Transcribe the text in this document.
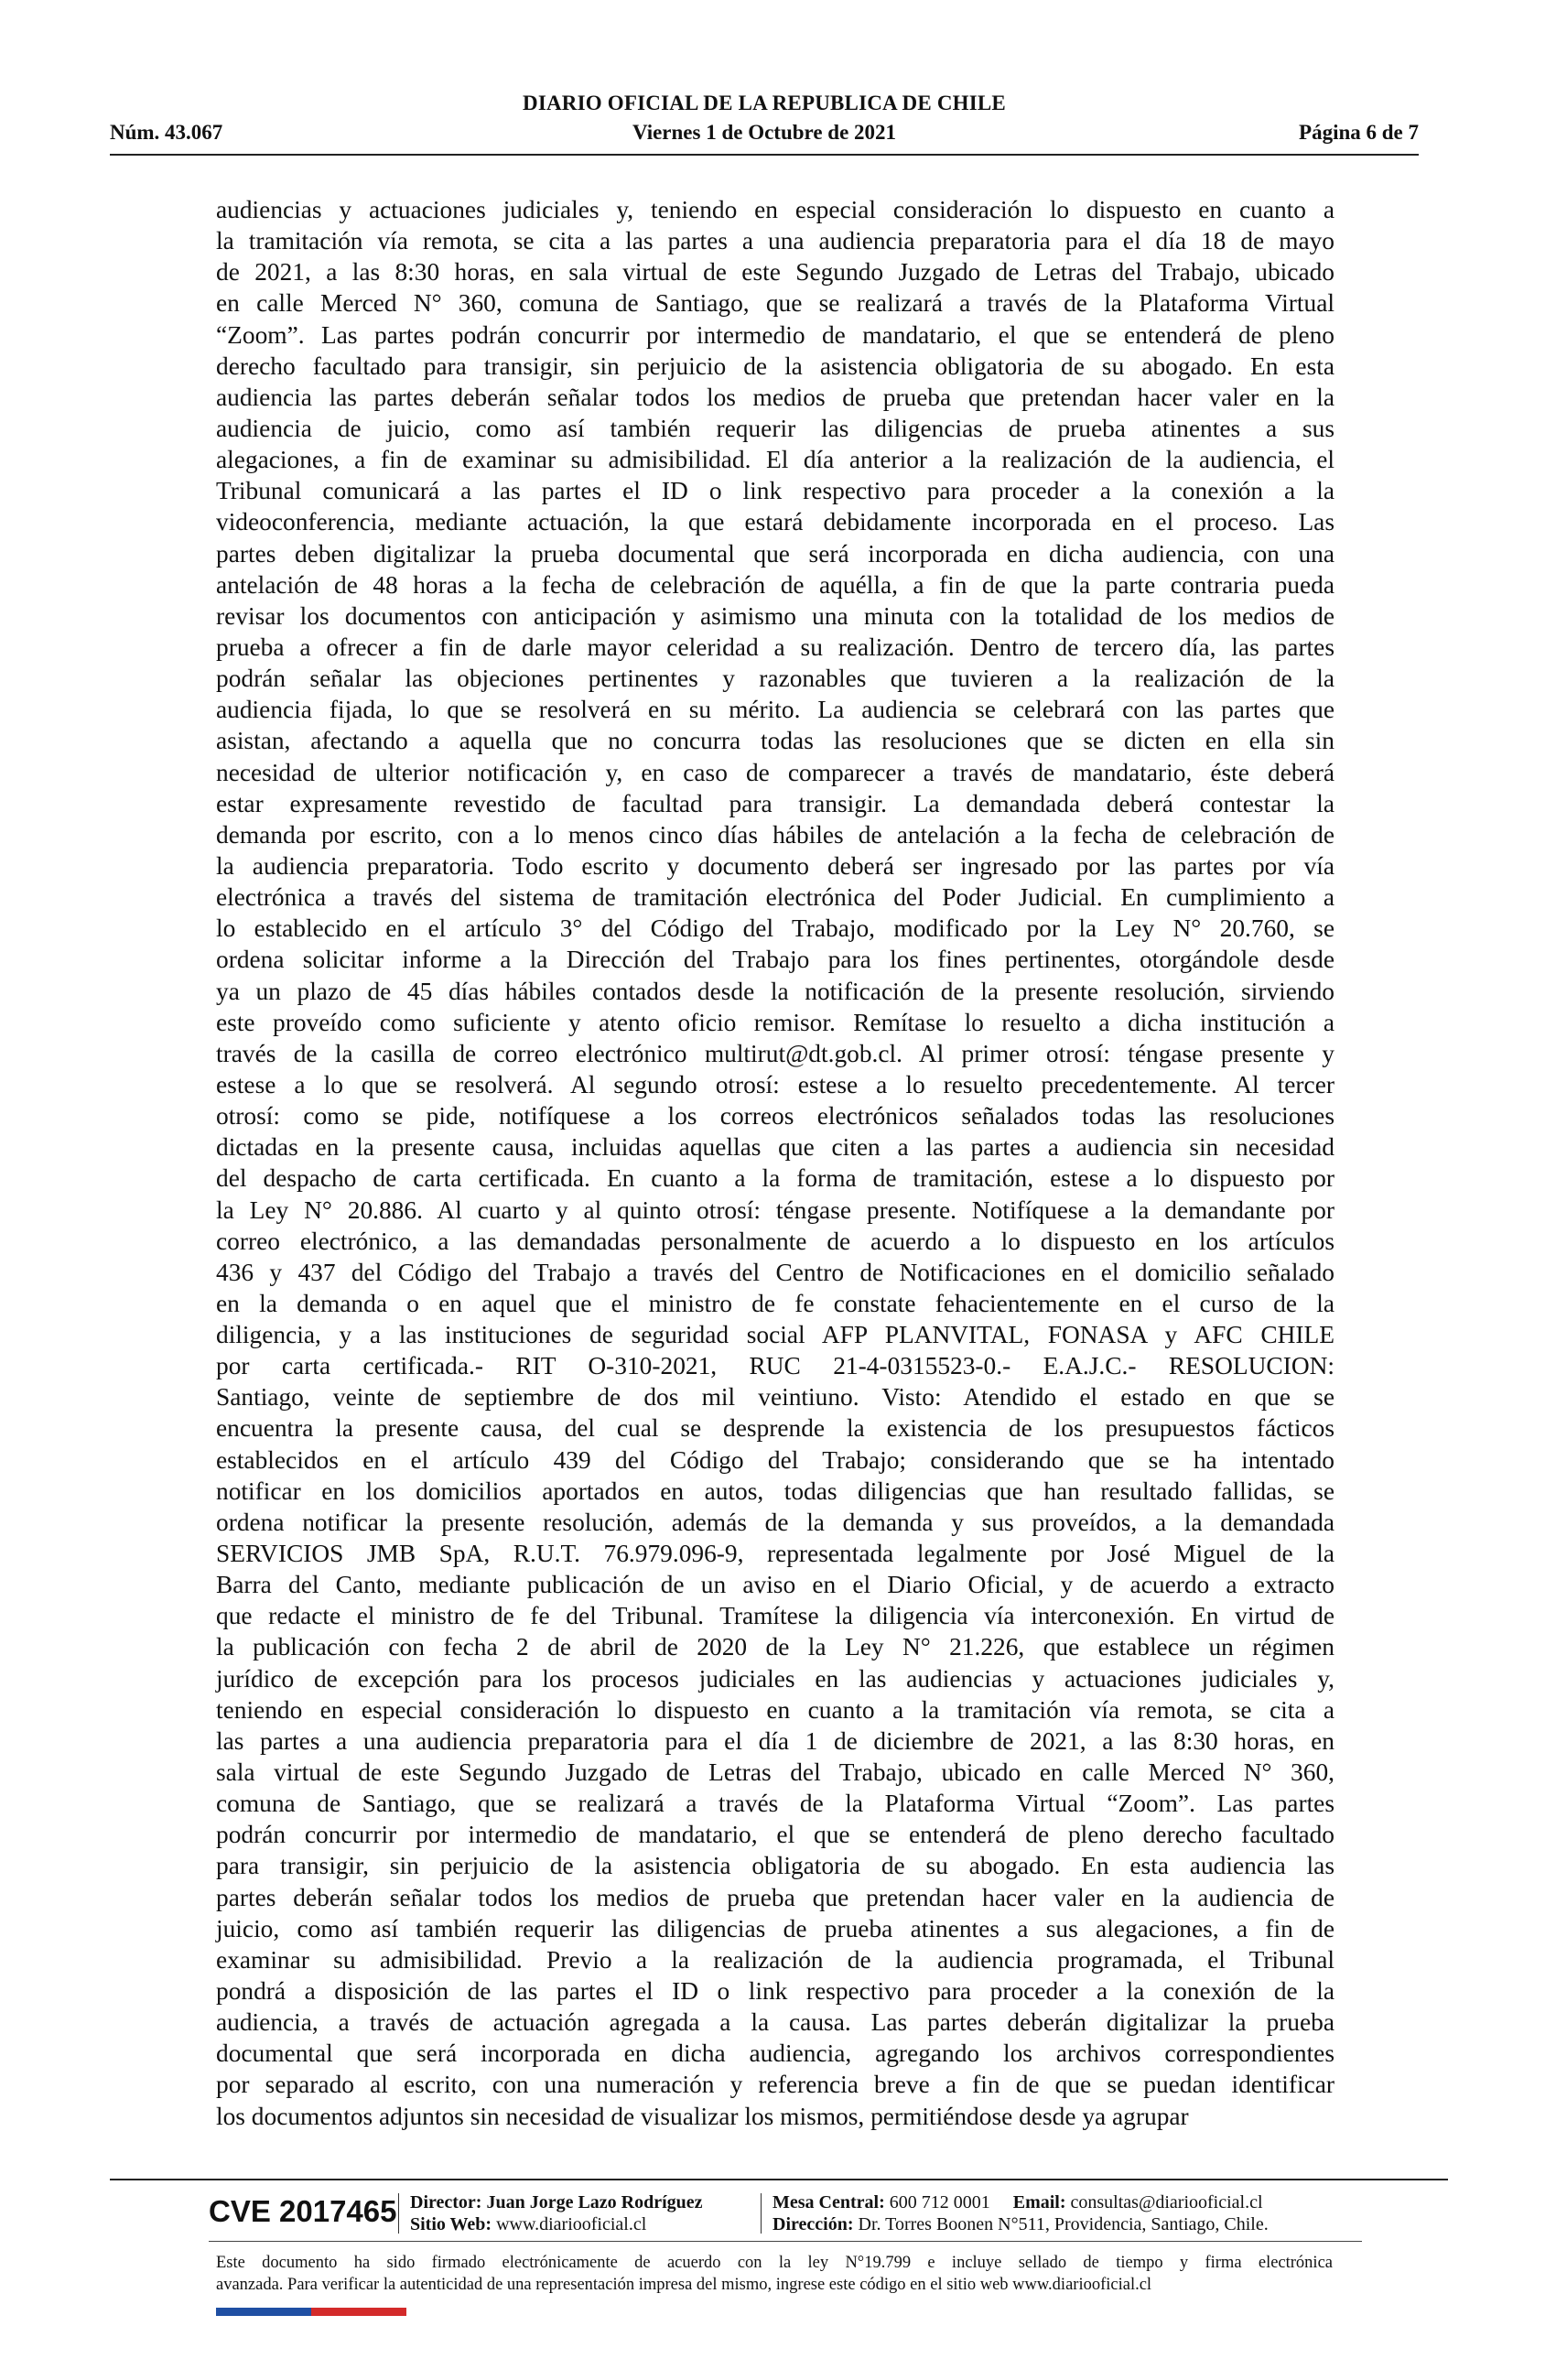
DIARIO OFICIAL DE LA REPUBLICA DE CHILE
Núm. 43.067	Viernes 1 de Octubre de 2021	Página 6 de 7
audiencias y actuaciones judiciales y, teniendo en especial consideración lo dispuesto en cuanto a
la tramitación vía remota, se cita a las partes a una audiencia preparatoria para el día 18 de mayo
de 2021, a las 8:30 horas, en sala virtual de este Segundo Juzgado de Letras del Trabajo, ubicado
en calle Merced N° 360, comuna de Santiago, que se realizará a través de la Plataforma Virtual
“Zoom”. Las partes podrán concurrir por intermedio de mandatario, el que se entenderá de pleno
derecho facultado para transigir, sin perjuicio de la asistencia obligatoria de su abogado. En esta
audiencia las partes deberán señalar todos los medios de prueba que pretendan hacer valer en la
audiencia de juicio, como así también requerir las diligencias de prueba atinentes a sus
alegaciones, a fin de examinar su admisibilidad. El día anterior a la realización de la audiencia, el
Tribunal comunicará a las partes el ID o link respectivo para proceder a la conexión a la
videoconferencia, mediante actuación, la que estará debidamente incorporada en el proceso. Las
partes deben digitalizar la prueba documental que será incorporada en dicha audiencia, con una
antelación de 48 horas a la fecha de celebración de aquélla, a fin de que la parte contraria pueda
revisar los documentos con anticipación y asimismo una minuta con la totalidad de los medios de
prueba a ofrecer a fin de darle mayor celeridad a su realización. Dentro de tercero día, las partes
podrán señalar las objeciones pertinentes y razonables que tuvieren a la realización de la
audiencia fijada, lo que se resolverá en su mérito. La audiencia se celebrará con las partes que
asistan, afectando a aquella que no concurra todas las resoluciones que se dicten en ella sin
necesidad de ulterior notificación y, en caso de comparecer a través de mandatario, éste deberá
estar expresamente revestido de facultad para transigir. La demandada deberá contestar la
demanda por escrito, con a lo menos cinco días hábiles de antelación a la fecha de celebración de
la audiencia preparatoria. Todo escrito y documento deberá ser ingresado por las partes por vía
electrónica a través del sistema de tramitación electrónica del Poder Judicial. En cumplimiento a
lo establecido en el artículo 3° del Código del Trabajo, modificado por la Ley N° 20.760, se
ordena solicitar informe a la Dirección del Trabajo para los fines pertinentes, otorgándole desde
ya un plazo de 45 días hábiles contados desde la notificación de la presente resolución, sirviendo
este proveído como suficiente y atento oficio remisor. Remítase lo resuelto a dicha institución a
través de la casilla de correo electrónico multirut@dt.gob.cl. Al primer otrosí: téngase presente y
estese a lo que se resolverá. Al segundo otrosí: estese a lo resuelto precedentemente. Al tercer
otrosí: como se pide, notifíquese a los correos electrónicos señalados todas las resoluciones
dictadas en la presente causa, incluidas aquellas que citen a las partes a audiencia sin necesidad
del despacho de carta certificada. En cuanto a la forma de tramitación, estese a lo dispuesto por
la Ley N° 20.886. Al cuarto y al quinto otrosí: téngase presente. Notifíquese a la demandante por
correo electrónico, a las demandadas personalmente de acuerdo a lo dispuesto en los artículos
436 y 437 del Código del Trabajo a través del Centro de Notificaciones en el domicilio señalado
en la demanda o en aquel que el ministro de fe constate fehacientemente en el curso de la
diligencia, y a las instituciones de seguridad social AFP PLANVITAL, FONASA y AFC CHILE
por carta certificada.- RIT O-310-2021, RUC 21-4-0315523-0.- E.A.J.C.- RESOLUCION:
Santiago, veinte de septiembre de dos mil veintiuno. Visto: Atendido el estado en que se
encuentra la presente causa, del cual se desprende la existencia de los presupuestos fácticos
establecidos en el artículo 439 del Código del Trabajo; considerando que se ha intentado
notificar en los domicilios aportados en autos, todas diligencias que han resultado fallidas, se
ordena notificar la presente resolución, además de la demanda y sus proveídos, a la demandada
SERVICIOS JMB SpA, R.U.T. 76.979.096-9, representada legalmente por José Miguel de la
Barra del Canto, mediante publicación de un aviso en el Diario Oficial, y de acuerdo a extracto
que redacte el ministro de fe del Tribunal. Tramítese la diligencia vía interconexión. En virtud de
la publicación con fecha 2 de abril de 2020 de la Ley N° 21.226, que establece un régimen
jurídico de excepción para los procesos judiciales en las audiencias y actuaciones judiciales y,
teniendo en especial consideración lo dispuesto en cuanto a la tramitación vía remota, se cita a
las partes a una audiencia preparatoria para el día 1 de diciembre de 2021, a las 8:30 horas, en
sala virtual de este Segundo Juzgado de Letras del Trabajo, ubicado en calle Merced N° 360,
comuna de Santiago, que se realizará a través de la Plataforma Virtual “Zoom”. Las partes
podrán concurrir por intermedio de mandatario, el que se entenderá de pleno derecho facultado
para transigir, sin perjuicio de la asistencia obligatoria de su abogado. En esta audiencia las
partes deberán señalar todos los medios de prueba que pretendan hacer valer en la audiencia de
juicio, como así también requerir las diligencias de prueba atinentes a sus alegaciones, a fin de
examinar su admisibilidad. Previo a la realización de la audiencia programada, el Tribunal
pondrá a disposición de las partes el ID o link respectivo para proceder a la conexión de la
audiencia, a través de actuación agregada a la causa. Las partes deberán digitalizar la prueba
documental que será incorporada en dicha audiencia, agregando los archivos correspondientes
por separado al escrito, con una numeración y referencia breve a fin de que se puedan identificar
los documentos adjuntos sin necesidad de visualizar los mismos, permitiéndose desde ya agrupar
CVE 2017465 Director: Juan Jorge Lazo Rodríguez
Sitio Web: www.diariooficial.cl
Mesa Central: 600 712 0001 Email: consultas@diariooficial.cl
Dirección: Dr. Torres Boonen N°511, Providencia, Santiago, Chile.
Este documento ha sido firmado electrónicamente de acuerdo con la ley N°19.799 e incluye sellado de tiempo y firma electrónica
avanzada. Para verificar la autenticidad de una representación impresa del mismo, ingrese este código en el sitio web www.diariooficial.cl
